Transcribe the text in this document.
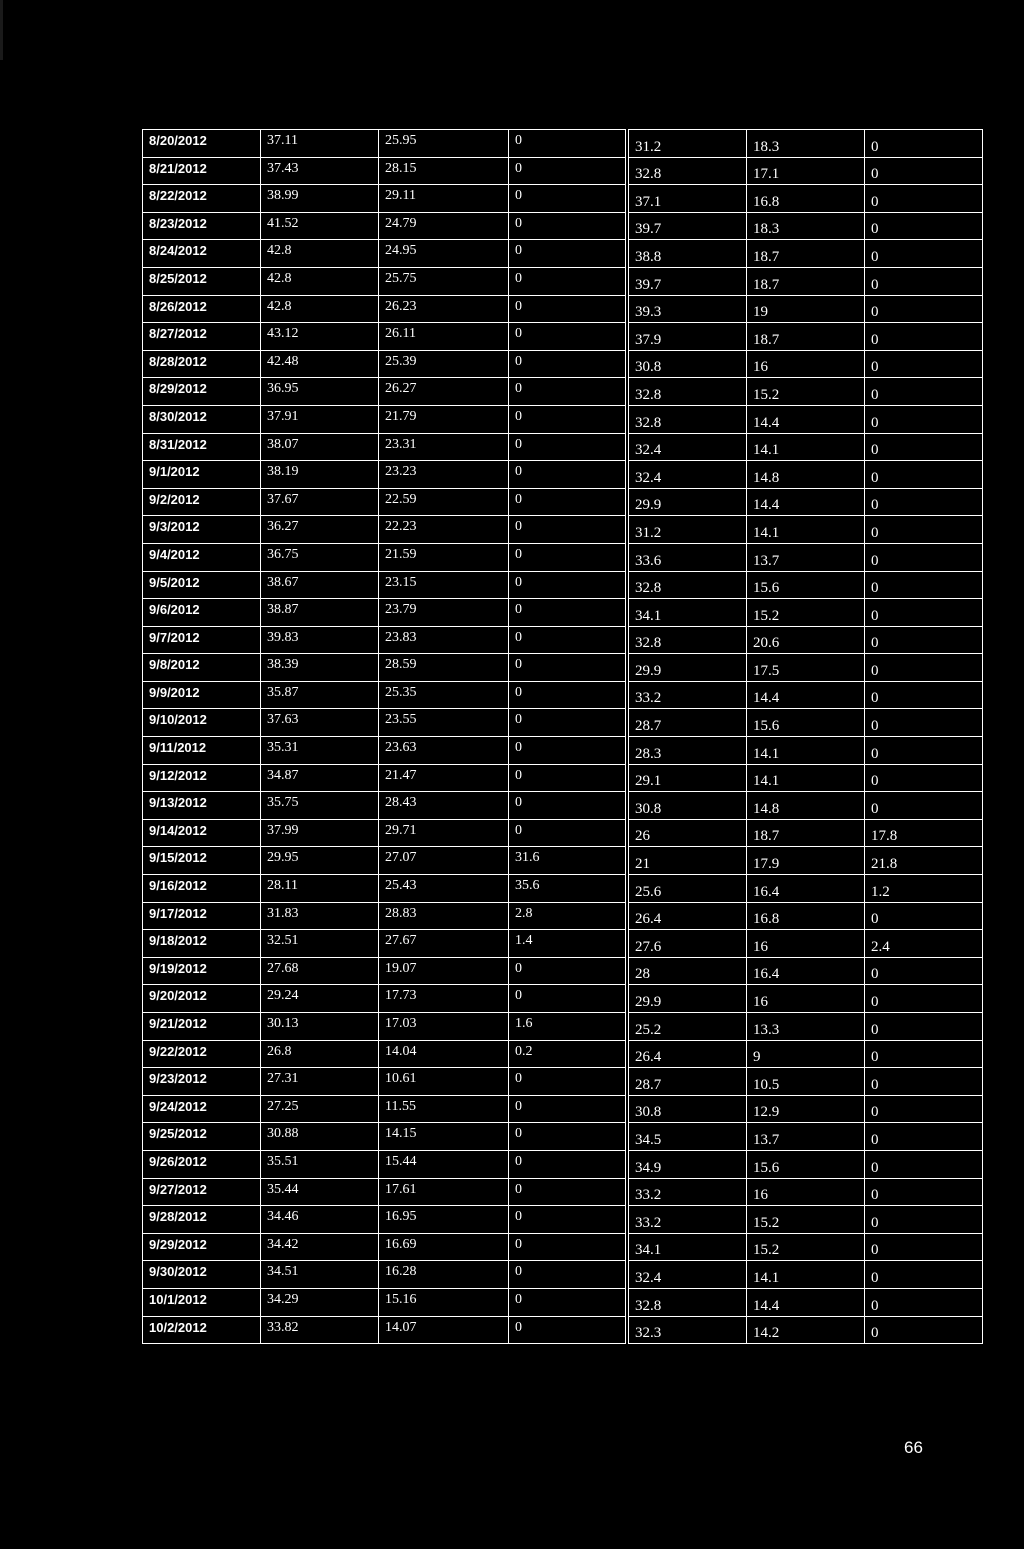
8/20/2012	37.11	25.95	0		31.2	18.3	0
8/21/2012	37.43	28.15	0		32.8	17.1	0
8/22/2012	38.99	29.11	0		37.1	16.8	0
8/23/2012	41.52	24.79	0		39.7	18.3	0
8/24/2012	42.8	24.95	0		38.8	18.7	0
8/25/2012	42.8	25.75	0		39.7	18.7	0
8/26/2012	42.8	26.23	0		39.3	19	0
8/27/2012	43.12	26.11	0		37.9	18.7	0
8/28/2012	42.48	25.39	0		30.8	16	0
8/29/2012	36.95	26.27	0		32.8	15.2	0
8/30/2012	37.91	21.79	0		32.8	14.4	0
8/31/2012	38.07	23.31	0		32.4	14.1	0
9/1/2012	38.19	23.23	0		32.4	14.8	0
9/2/2012	37.67	22.59	0		29.9	14.4	0
9/3/2012	36.27	22.23	0		31.2	14.1	0
9/4/2012	36.75	21.59	0		33.6	13.7	0
9/5/2012	38.67	23.15	0		32.8	15.6	0
9/6/2012	38.87	23.79	0		34.1	15.2	0
9/7/2012	39.83	23.83	0		32.8	20.6	0
9/8/2012	38.39	28.59	0		29.9	17.5	0
9/9/2012	35.87	25.35	0		33.2	14.4	0
9/10/2012	37.63	23.55	0		28.7	15.6	0
9/11/2012	35.31	23.63	0		28.3	14.1	0
9/12/2012	34.87	21.47	0		29.1	14.1	0
9/13/2012	35.75	28.43	0		30.8	14.8	0
9/14/2012	37.99	29.71	0		26	18.7	17.8
9/15/2012	29.95	27.07	31.6		21	17.9	21.8
9/16/2012	28.11	25.43	35.6		25.6	16.4	1.2
9/17/2012	31.83	28.83	2.8		26.4	16.8	0
9/18/2012	32.51	27.67	1.4		27.6	16	2.4
9/19/2012	27.68	19.07	0		28	16.4	0
9/20/2012	29.24	17.73	0		29.9	16	0
9/21/2012	30.13	17.03	1.6		25.2	13.3	0
9/22/2012	26.8	14.04	0.2		26.4	9	0
9/23/2012	27.31	10.61	0		28.7	10.5	0
9/24/2012	27.25	11.55	0		30.8	12.9	0
9/25/2012	30.88	14.15	0		34.5	13.7	0
9/26/2012	35.51	15.44	0		34.9	15.6	0
9/27/2012	35.44	17.61	0		33.2	16	0
9/28/2012	34.46	16.95	0		33.2	15.2	0
9/29/2012	34.42	16.69	0		34.1	15.2	0
9/30/2012	34.51	16.28	0		32.4	14.1	0
10/1/2012	34.29	15.16	0		32.8	14.4	0
10/2/2012	33.82	14.07	0		32.3	14.2	0
66
